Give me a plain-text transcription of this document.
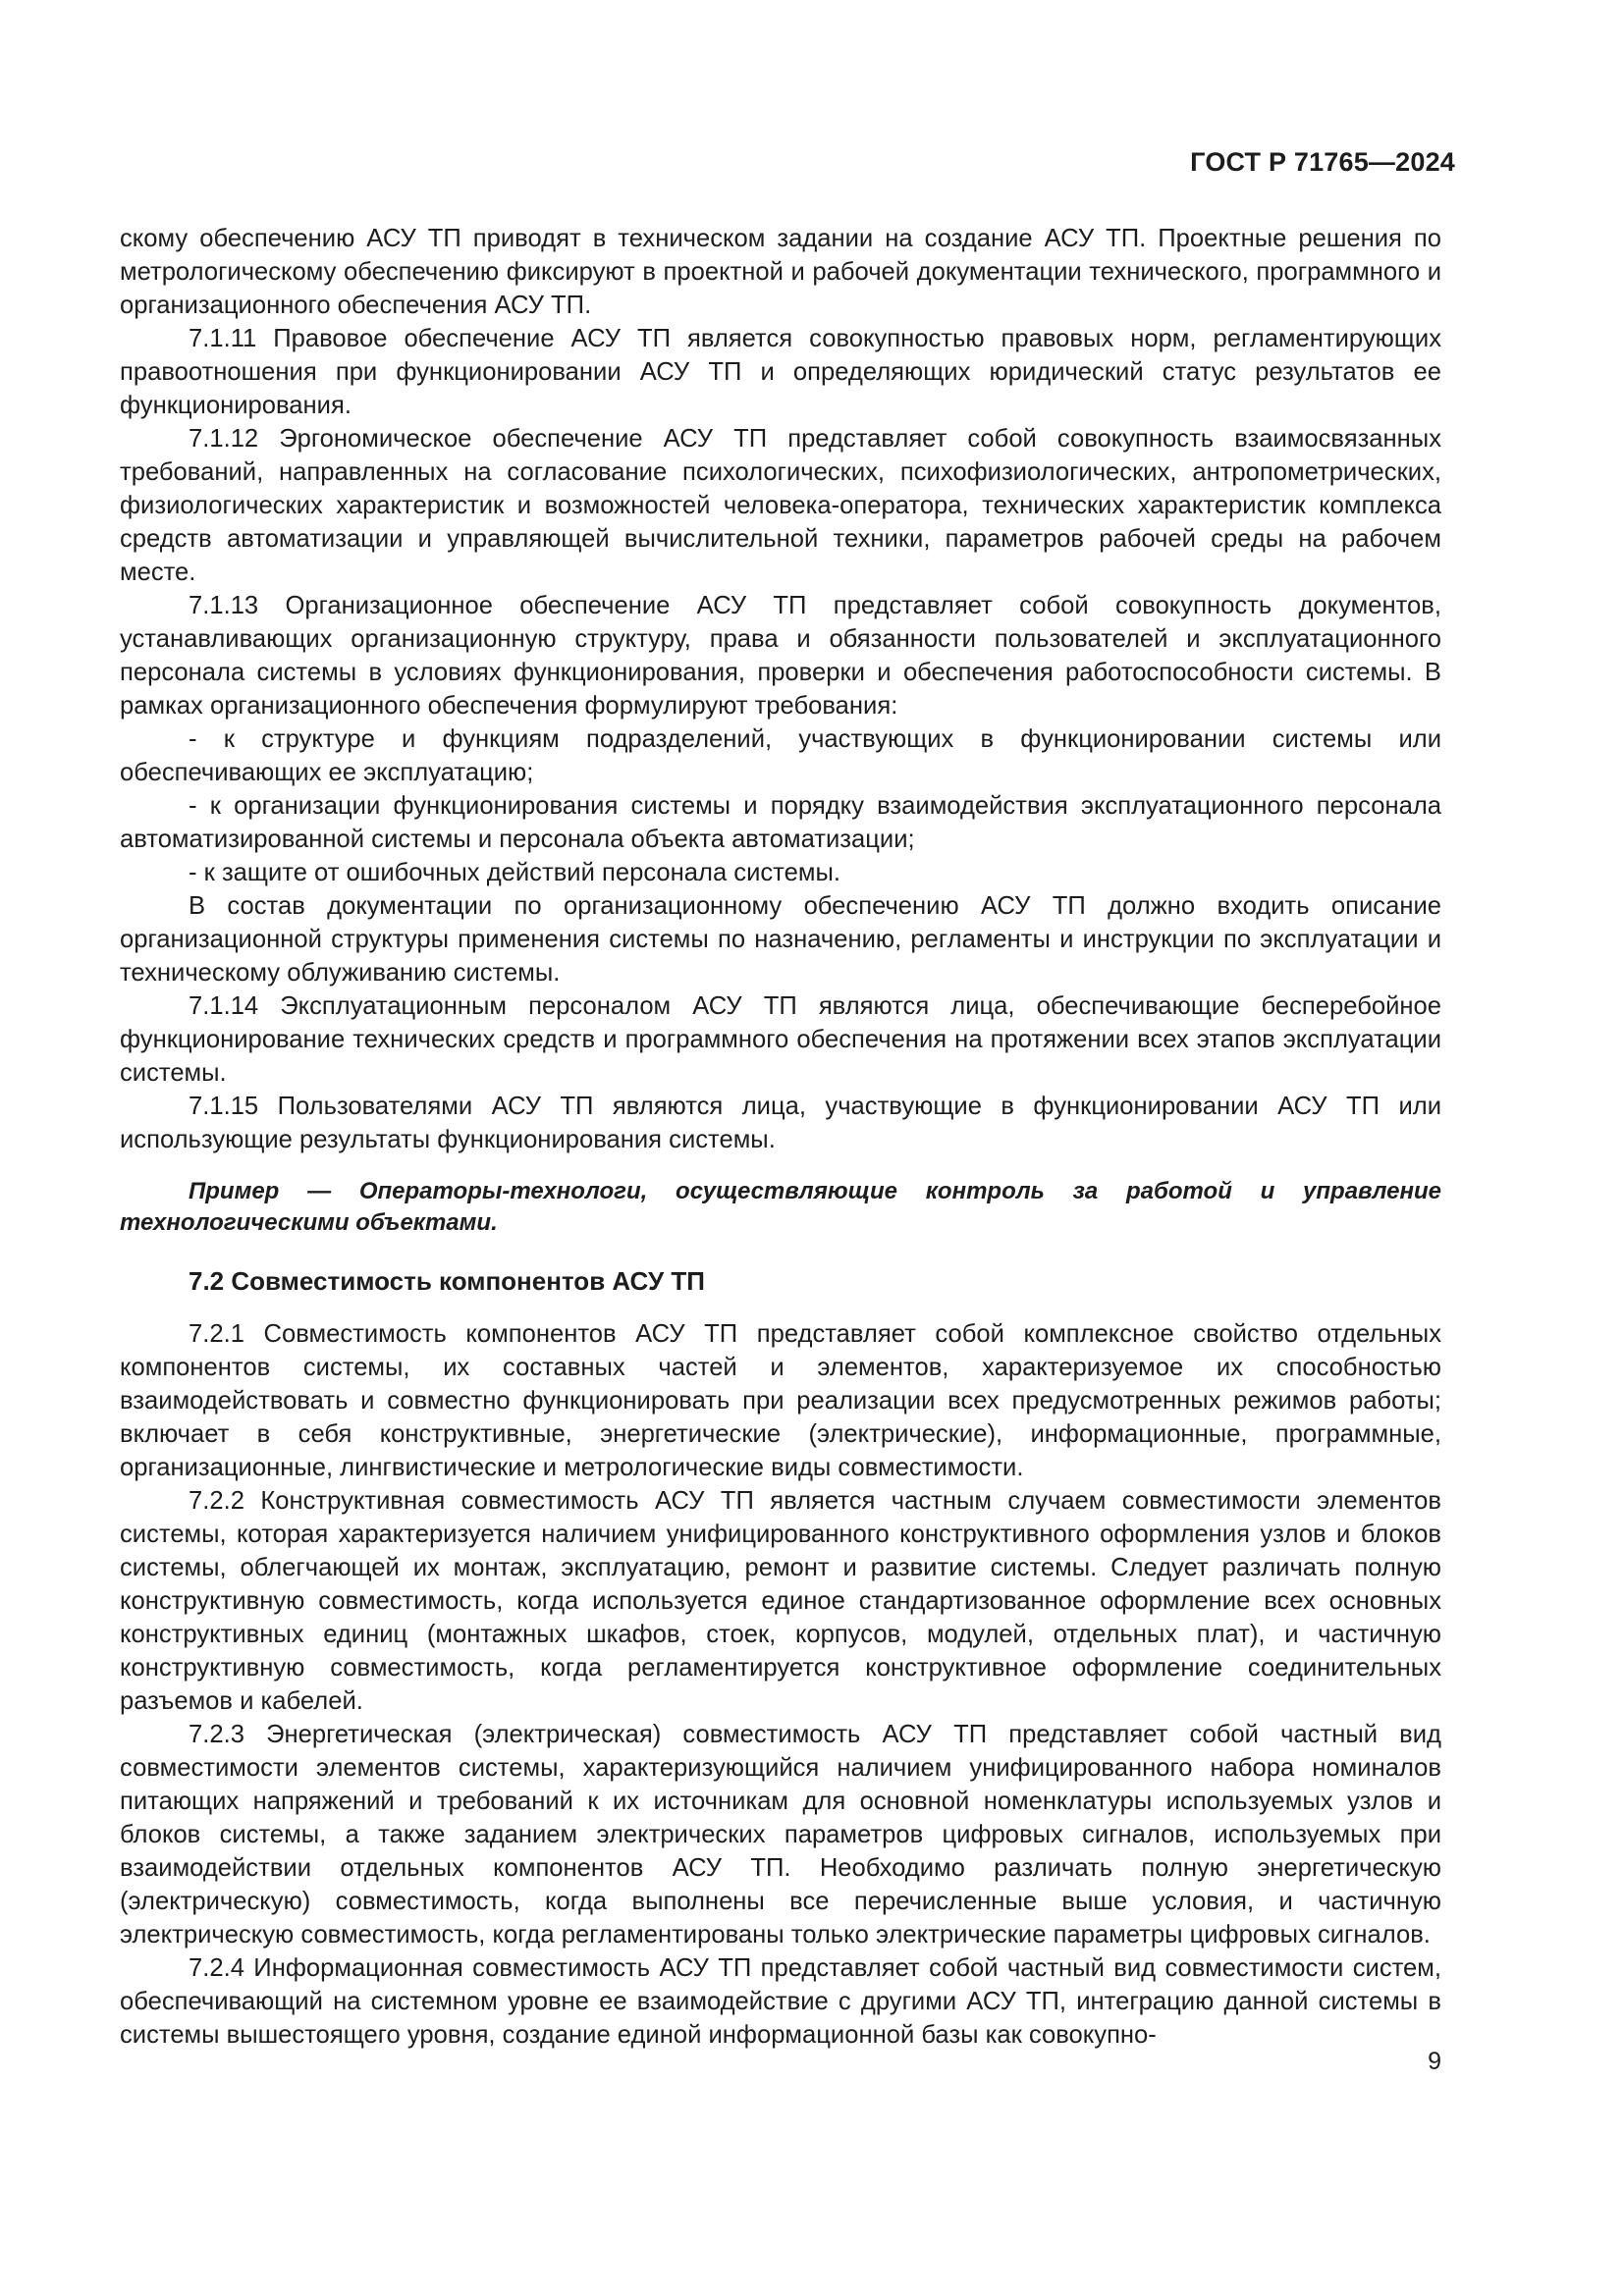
ГОСТ Р 71765—2024

скому обеспечению АСУ ТП приводят в техническом задании на создание АСУ ТП. Проектные решения по метрологическому обеспечению фиксируют в проектной и рабочей документации технического, программного и организационного обеспечения АСУ ТП.

7.1.11 Правовое обеспечение АСУ ТП является совокупностью правовых норм, регламентирующих правоотношения при функционировании АСУ ТП и определяющих юридический статус результатов ее функционирования.

7.1.12 Эргономическое обеспечение АСУ ТП представляет собой совокупность взаимосвязанных требований, направленных на согласование психологических, психофизиологических, антропометрических, физиологических характеристик и возможностей человека-оператора, технических характеристик комплекса средств автоматизации и управляющей вычислительной техники, параметров рабочей среды на рабочем месте.

7.1.13 Организационное обеспечение АСУ ТП представляет собой совокупность документов, устанавливающих организационную структуру, права и обязанности пользователей и эксплуатационного персонала системы в условиях функционирования, проверки и обеспечения работоспособности системы. В рамках организационного обеспечения формулируют требования:

- к структуре и функциям подразделений, участвующих в функционировании системы или обеспечивающих ее эксплуатацию;

- к организации функционирования системы и порядку взаимодействия эксплуатационного персонала автоматизированной системы и персонала объекта автоматизации;

- к защите от ошибочных действий персонала системы.

В состав документации по организационному обеспечению АСУ ТП должно входить описание организационной структуры применения системы по назначению, регламенты и инструкции по эксплуатации и техническому облуживанию системы.

7.1.14 Эксплуатационным персоналом АСУ ТП являются лица, обеспечивающие бесперебойное функционирование технических средств и программного обеспечения на протяжении всех этапов эксплуатации системы.

7.1.15 Пользователями АСУ ТП являются лица, участвующие в функционировании АСУ ТП или использующие результаты функционирования системы.

Пример — Операторы-технологи, осуществляющие контроль за работой и управление технологическими объектами.

7.2 Совместимость компонентов АСУ ТП

7.2.1 Совместимость компонентов АСУ ТП представляет собой комплексное свойство отдельных компонентов системы, их составных частей и элементов, характеризуемое их способностью взаимодействовать и совместно функционировать при реализации всех предусмотренных режимов работы; включает в себя конструктивные, энергетические (электрические), информационные, программные, организационные, лингвистические и метрологические виды совместимости.

7.2.2 Конструктивная совместимость АСУ ТП является частным случаем совместимости элементов системы, которая характеризуется наличием унифицированного конструктивного оформления узлов и блоков системы, облегчающей их монтаж, эксплуатацию, ремонт и развитие системы. Следует различать полную конструктивную совместимость, когда используется единое стандартизованное оформление всех основных конструктивных единиц (монтажных шкафов, стоек, корпусов, модулей, отдельных плат), и частичную конструктивную совместимость, когда регламентируется конструктивное оформление соединительных разъемов и кабелей.

7.2.3 Энергетическая (электрическая) совместимость АСУ ТП представляет собой частный вид совместимости элементов системы, характеризующийся наличием унифицированного набора номиналов питающих напряжений и требований к их источникам для основной номенклатуры используемых узлов и блоков системы, а также заданием электрических параметров цифровых сигналов, используемых при взаимодействии отдельных компонентов АСУ ТП. Необходимо различать полную энергетическую (электрическую) совместимость, когда выполнены все перечисленные выше условия, и частичную электрическую совместимость, когда регламентированы только электрические параметры цифровых сигналов.

7.2.4 Информационная совместимость АСУ ТП представляет собой частный вид совместимости систем, обеспечивающий на системном уровне ее взаимодействие с другими АСУ ТП, интеграцию данной системы в системы вышестоящего уровня, создание единой информационной базы как совокупно-

9
